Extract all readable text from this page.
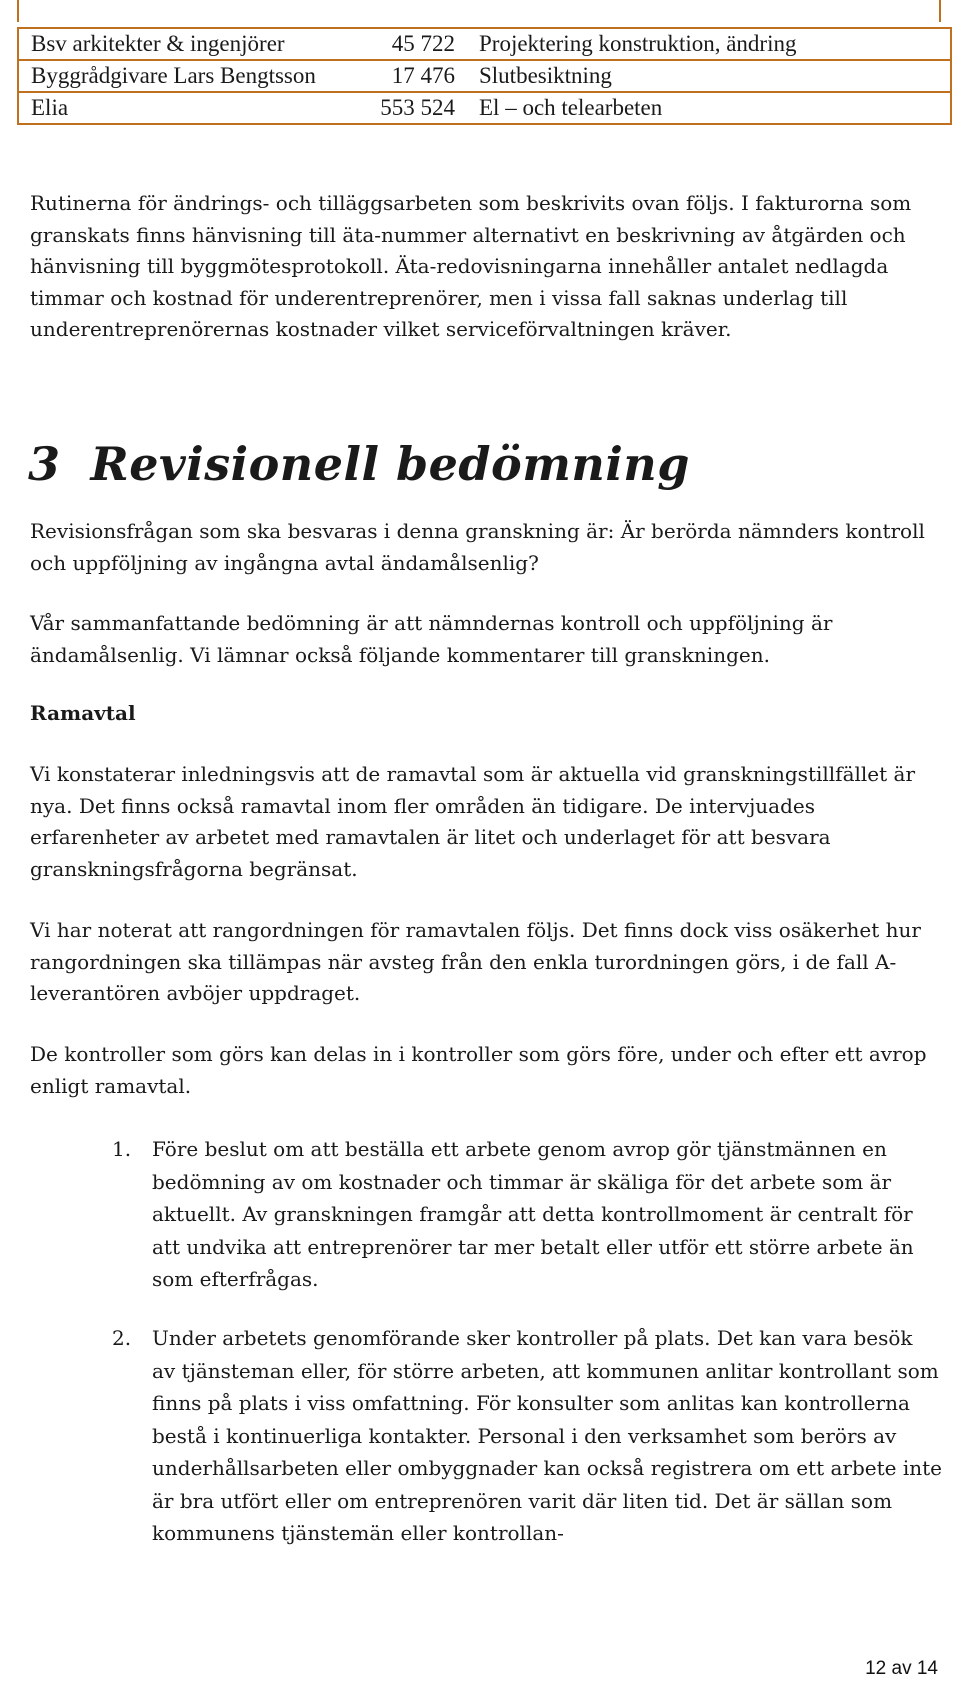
Bsv arkitekter & ingenjörer	45 722	Projektering konstruktion, ändring
Byggrådgivare Lars Bengtsson	17 476	Slutbesiktning
Elia	553 524	El – och telearbeten

Rutinerna för ändrings- och tilläggsarbeten som beskrivits ovan följs. I fakturorna som granskats finns hänvisning till äta-nummer alternativt en beskrivning av åtgärden och hänvisning till byggmötesprotokoll. Äta-redovisningarna innehåller antalet nedlagda timmar och kostnad för underentreprenörer, men i vissa fall saknas underlag till underentreprenörernas kostnader vilket serviceförvaltningen kräver.

3 Revisionell bedömning

Revisionsfrågan som ska besvaras i denna granskning är: Är berörda nämnders kontroll och uppföljning av ingångna avtal ändamålsenlig?

Vår sammanfattande bedömning är att nämndernas kontroll och uppföljning är ändamålsenlig. Vi lämnar också följande kommentarer till granskningen.

Ramavtal

Vi konstaterar inledningsvis att de ramavtal som är aktuella vid granskningstillfället är nya. Det finns också ramavtal inom fler områden än tidigare. De intervjuades erfarenheter av arbetet med ramavtalen är litet och underlaget för att besvara granskningsfrågorna begränsat.

Vi har noterat att rangordningen för ramavtalen följs. Det finns dock viss osäkerhet hur rangordningen ska tillämpas när avsteg från den enkla turordningen görs, i de fall A-leverantören avböjer uppdraget.

De kontroller som görs kan delas in i kontroller som görs före, under och efter ett avrop enligt ramavtal.

1. Före beslut om att beställa ett arbete genom avrop gör tjänstmännen en bedömning av om kostnader och timmar är skäliga för det arbete som är aktuellt. Av granskningen framgår att detta kontrollmoment är centralt för att undvika att entreprenörer tar mer betalt eller utför ett större arbete än som efterfrågas.

2. Under arbetets genomförande sker kontroller på plats. Det kan vara besök av tjänsteman eller, för större arbeten, att kommunen anlitar kontrollant som finns på plats i viss omfattning. För konsulter som anlitas kan kontrollerna bestå i kontinuerliga kontakter. Personal i den verksamhet som berörs av underhållsarbeten eller ombyggnader kan också registrera om ett arbete inte är bra utfört eller om entreprenören varit där liten tid. Det är sällan som kommunens tjänstemän eller kontrollan-

12 av 14
